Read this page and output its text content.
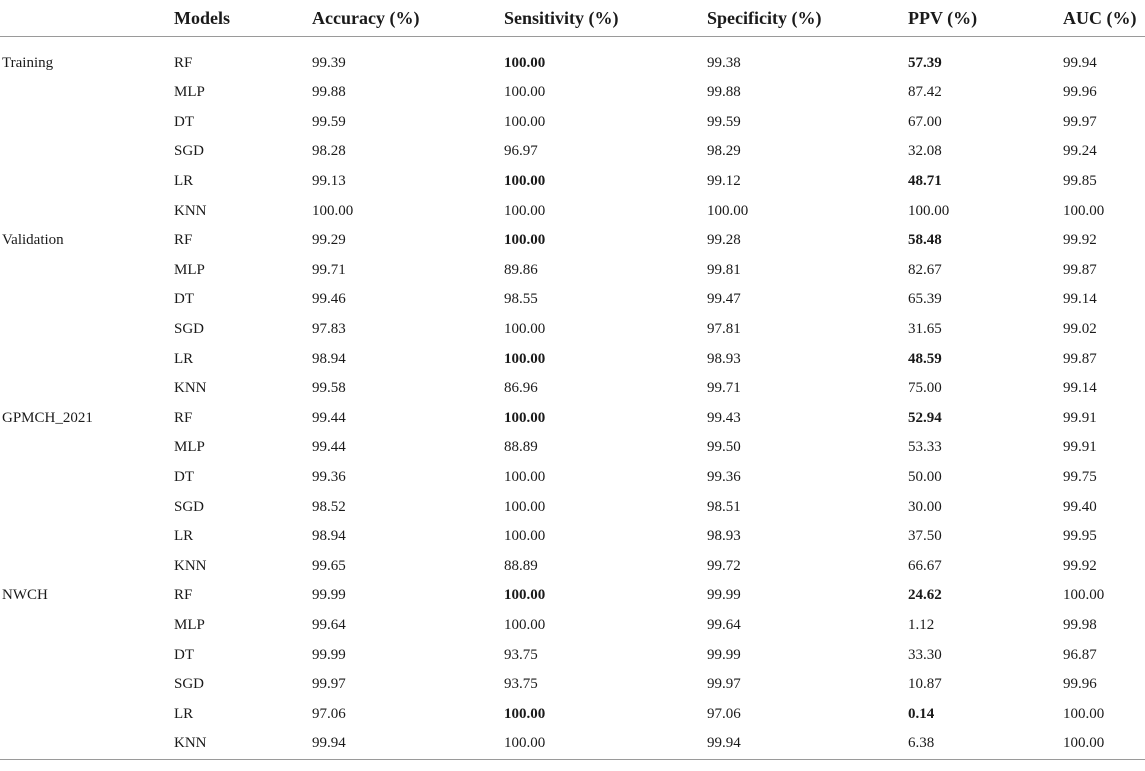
	Models	Accuracy (%)	Sensitivity (%)	Specificity (%)	PPV (%)	AUC (%)
Training	RF	99.39	100.00	99.38	57.39	99.94
	MLP	99.88	100.00	99.88	87.42	99.96
	DT	99.59	100.00	99.59	67.00	99.97
	SGD	98.28	96.97	98.29	32.08	99.24
	LR	99.13	100.00	99.12	48.71	99.85
	KNN	100.00	100.00	100.00	100.00	100.00
Validation	RF	99.29	100.00	99.28	58.48	99.92
	MLP	99.71	89.86	99.81	82.67	99.87
	DT	99.46	98.55	99.47	65.39	99.14
	SGD	97.83	100.00	97.81	31.65	99.02
	LR	98.94	100.00	98.93	48.59	99.87
	KNN	99.58	86.96	99.71	75.00	99.14
GPMCH_2021	RF	99.44	100.00	99.43	52.94	99.91
	MLP	99.44	88.89	99.50	53.33	99.91
	DT	99.36	100.00	99.36	50.00	99.75
	SGD	98.52	100.00	98.51	30.00	99.40
	LR	98.94	100.00	98.93	37.50	99.95
	KNN	99.65	88.89	99.72	66.67	99.92
NWCH	RF	99.99	100.00	99.99	24.62	100.00
	MLP	99.64	100.00	99.64	1.12	99.98
	DT	99.99	93.75	99.99	33.30	96.87
	SGD	99.97	93.75	99.97	10.87	99.96
	LR	97.06	100.00	97.06	0.14	100.00
	KNN	99.94	100.00	99.94	6.38	100.00
